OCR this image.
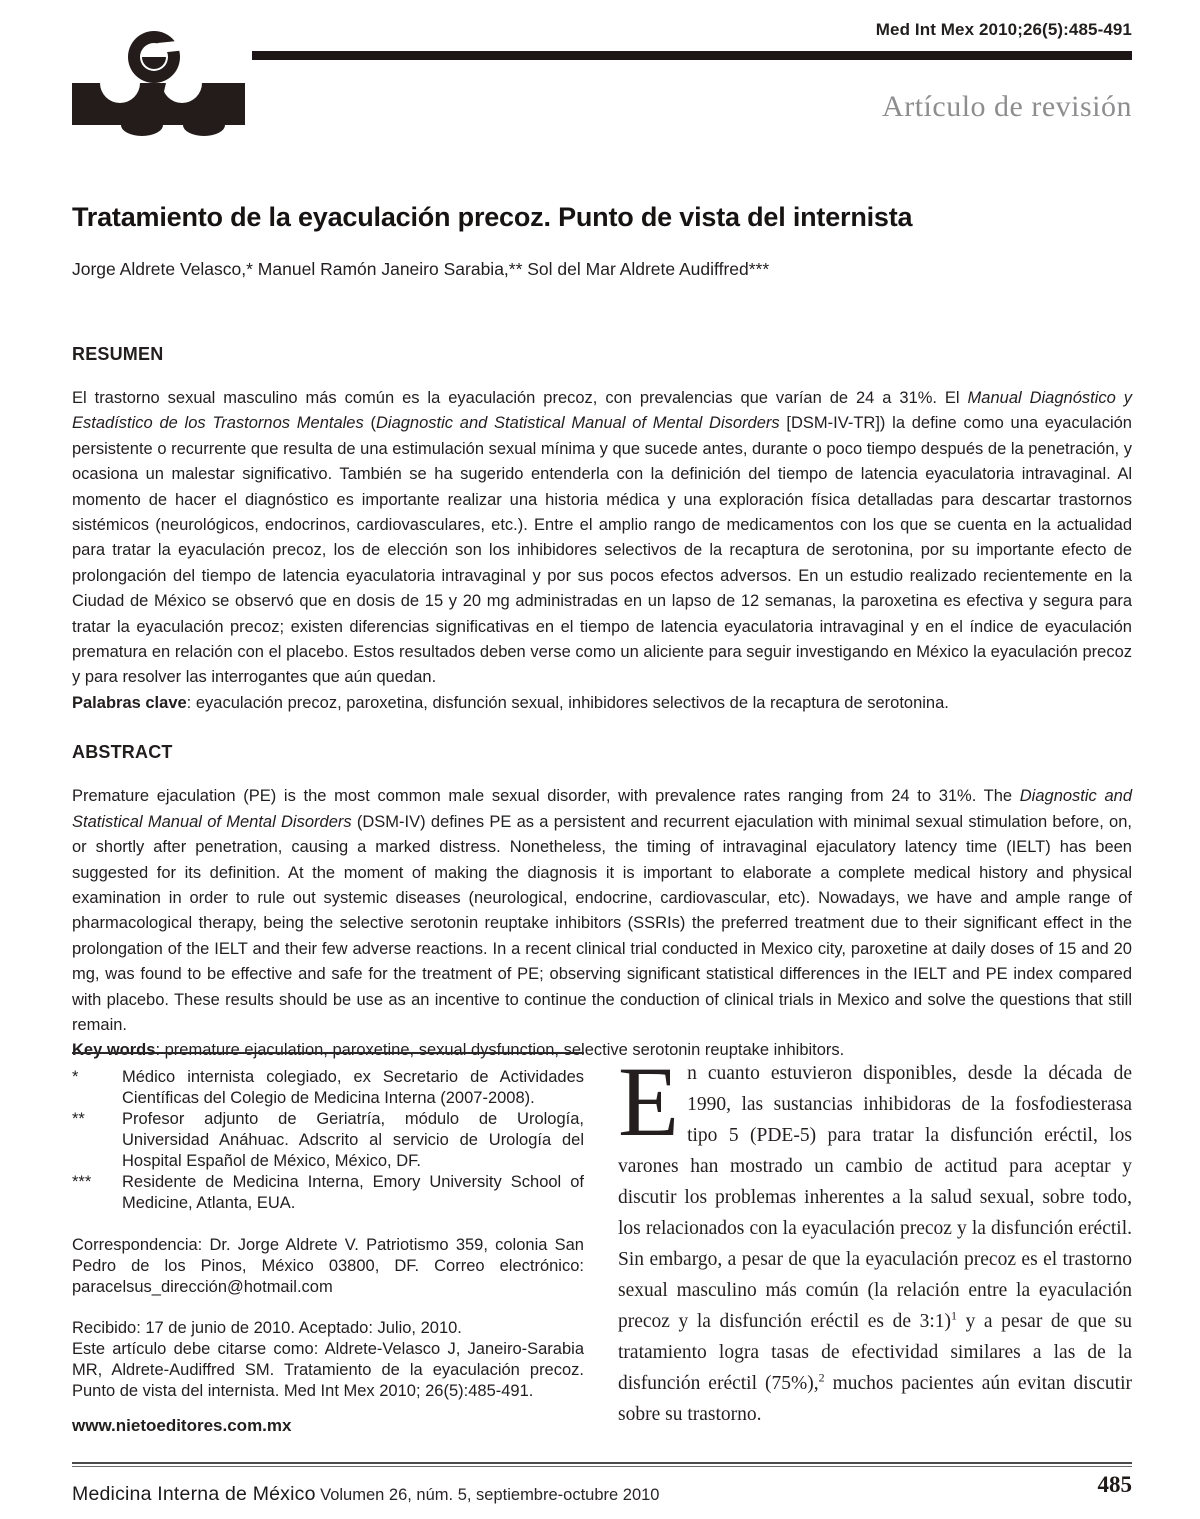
Med Int Mex 2010;26(5):485-491
Artículo de revisión
Tratamiento de la eyaculación precoz. Punto de vista del internista
Jorge Aldrete Velasco,* Manuel Ramón Janeiro Sarabia,** Sol del Mar Aldrete Audiffred***
RESUMEN

El trastorno sexual masculino más común es la eyaculación precoz, con prevalencias que varían de 24 a 31%. El Manual Diagnóstico y Estadístico de los Trastornos Mentales (Diagnostic and Statistical Manual of Mental Disorders [DSM-IV-TR]) la define como una eyaculación persistente o recurrente que resulta de una estimulación sexual mínima y que sucede antes, durante o poco tiempo después de la penetración, y ocasiona un malestar significativo. También se ha sugerido entenderla con la definición del tiempo de latencia eyaculatoria intravaginal. Al momento de hacer el diagnóstico es importante realizar una historia médica y una exploración física detalladas para descartar trastornos sistémicos (neurológicos, endocrinos, cardiovasculares, etc.). Entre el amplio rango de medicamentos con los que se cuenta en la actualidad para tratar la eyaculación precoz, los de elección son los inhibidores selectivos de la recaptura de serotonina, por su importante efecto de prolongación del tiempo de latencia eyaculatoria intravaginal y por sus pocos efectos adversos. En un estudio realizado recientemente en la Ciudad de México se observó que en dosis de 15 y 20 mg administradas en un lapso de 12 semanas, la paroxetina es efectiva y segura para tratar la eyaculación precoz; existen diferencias significativas en el tiempo de latencia eyaculatoria intravaginal y en el índice de eyaculación prematura en relación con el placebo. Estos resultados deben verse como un aliciente para seguir investigando en México la eyaculación precoz y para resolver las interrogantes que aún quedan.

Palabras clave: eyaculación precoz, paroxetina, disfunción sexual, inhibidores selectivos de la recaptura de serotonina.

ABSTRACT

Premature ejaculation (PE) is the most common male sexual disorder, with prevalence rates ranging from 24 to 31%. The Diagnostic and Statistical Manual of Mental Disorders (DSM-IV) defines PE as a persistent and recurrent ejaculation with minimal sexual stimulation before, on, or shortly after penetration, causing a marked distress. Nonetheless, the timing of intravaginal ejaculatory latency time (IELT) has been suggested for its definition. At the moment of making the diagnosis it is important to elaborate a complete medical history and physical examination in order to rule out systemic diseases (neurological, endocrine, cardiovascular, etc). Nowadays, we have and ample range of pharmacological therapy, being the selective serotonin reuptake inhibitors (SSRIs) the preferred treatment due to their significant effect in the prolongation of the IELT and their few adverse reactions. In a recent clinical trial conducted in Mexico city, paroxetine at daily doses of 15 and 20 mg, was found to be effective and safe for the treatment of PE; observing significant statistical differences in the IELT and PE index compared with placebo. These results should be use as an incentive to continue the conduction of clinical trials in Mexico and solve the questions that still remain.

Key words: premature ejaculation, paroxetine, sexual dysfunction, selective serotonin reuptake inhibitors.

*	Médico internista colegiado, ex Secretario de Actividades Científicas del Colegio de Medicina Interna (2007-2008).
**	Profesor adjunto de Geriatría, módulo de Urología, Universidad Anáhuac. Adscrito al servicio de Urología del Hospital Español de México, México, DF.
***	Residente de Medicina Interna, Emory University School of Medicine, Atlanta, EUA.

Correspondencia: Dr. Jorge Aldrete V. Patriotismo 359, colonia San Pedro de los Pinos, México 03800, DF. Correo electrónico: paracelsus_dirección@hotmail.com

Recibido: 17 de junio de 2010. Aceptado: Julio, 2010.
Este artículo debe citarse como: Aldrete-Velasco J, Janeiro-Sarabia MR, Aldrete-Audiffred SM. Tratamiento de la eyaculación precoz. Punto de vista del internista. Med Int Mex 2010; 26(5):485-491.

www.nietoeditores.com.mx

E n cuanto estuvieron disponibles, desde la década de 1990, las sustancias inhibidoras de la fosfodiesterasa tipo 5 (PDE-5) para tratar la disfunción eréctil, los varones han mostrado un cambio de actitud para aceptar y discutir los problemas inherentes a la salud sexual, sobre todo, los relacionados con la eyaculación precoz y la disfunción eréctil. Sin embargo, a pesar de que la eyaculación precoz es el trastorno sexual masculino más común (la relación entre la eyaculación precoz y la disfunción eréctil es de 3:1)$^1$ y a pesar de que su tratamiento logra tasas de efectividad similares a las de la disfunción eréctil (75%),$^2$ muchos pacientes aún evitan discutir sobre su trastorno.
Medicina Interna de México Volumen 26, núm. 5, septiembre-octubre 2010	485
